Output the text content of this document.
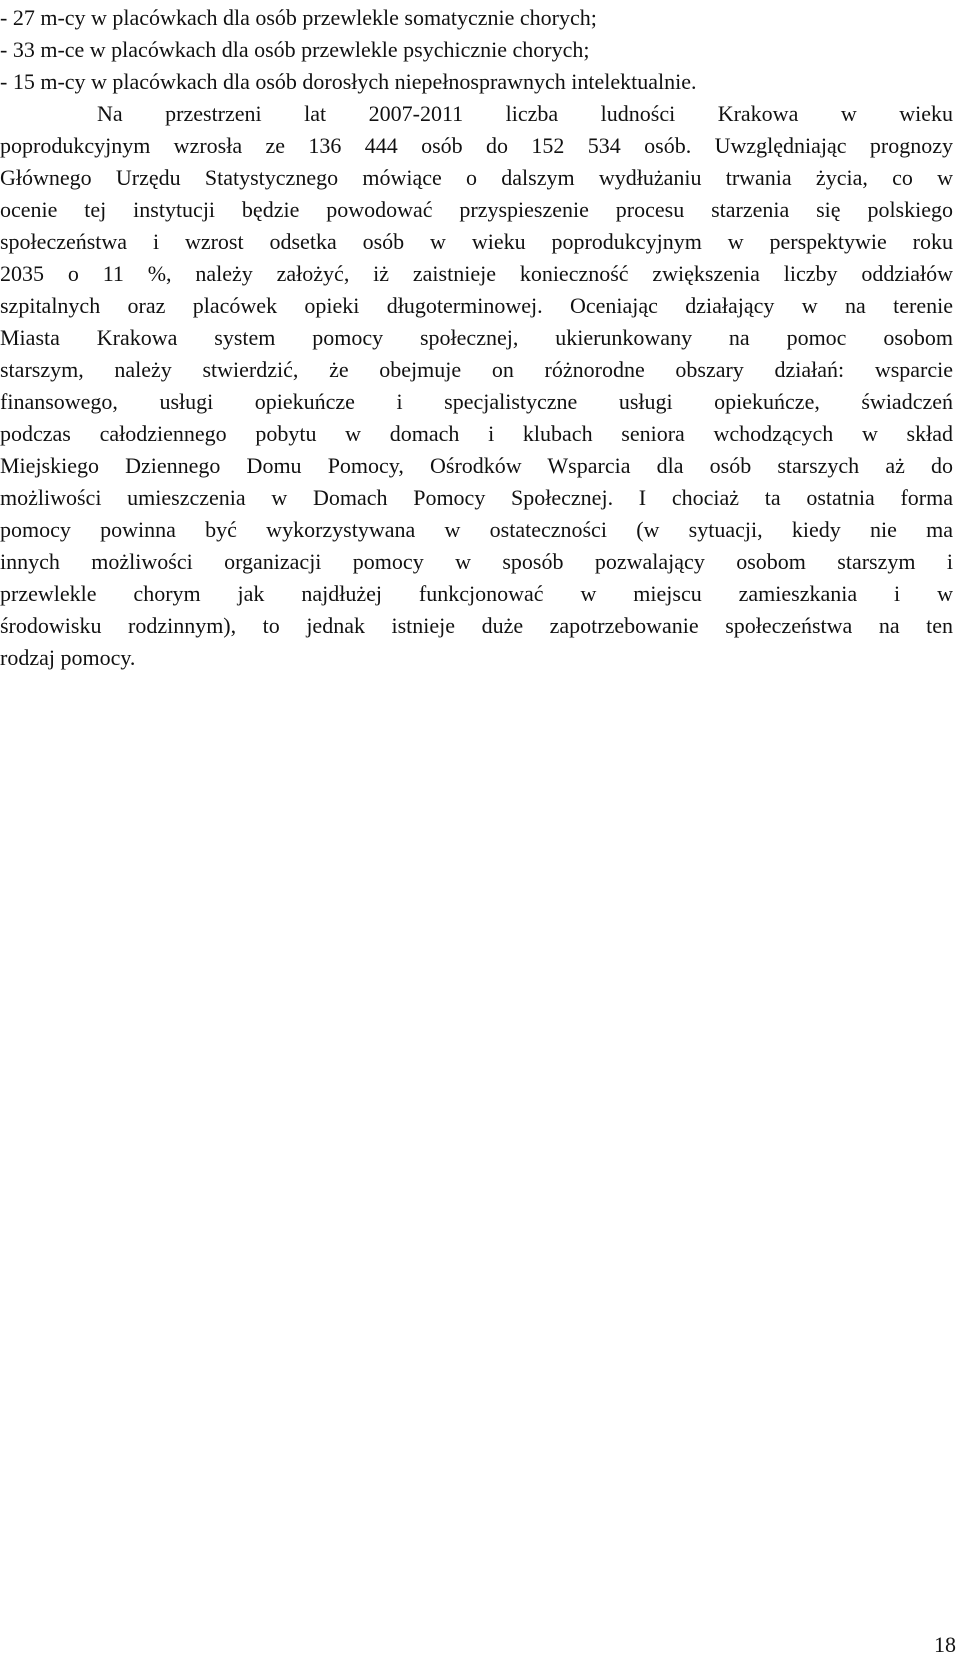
- 27 m-cy w placówkach dla osób przewlekle somatycznie chorych;
- 33 m-ce w placówkach dla osób przewlekle psychicznie chorych;
- 15 m-cy w placówkach dla osób dorosłych niepełnosprawnych intelektualnie.
Na przestrzeni lat 2007-2011 liczba ludności Krakowa w wieku
poprodukcyjnym wzrosła ze 136 444 osób do 152 534 osób. Uwzględniając prognozy
Głównego Urzędu Statystycznego mówiące o dalszym wydłużaniu trwania życia, co w
ocenie tej instytucji będzie powodować przyspieszenie procesu starzenia się polskiego
społeczeństwa i wzrost odsetka osób w wieku poprodukcyjnym w perspektywie roku
2035 o 11 %, należy założyć, iż zaistnieje konieczność zwiększenia liczby oddziałów
szpitalnych oraz placówek opieki długoterminowej. Oceniając działający w na terenie
Miasta Krakowa system pomocy społecznej, ukierunkowany na pomoc osobom
starszym, należy stwierdzić, że obejmuje on różnorodne obszary działań: wsparcie
finansowego, usługi opiekuńcze i specjalistyczne usługi opiekuńcze, świadczeń
podczas całodziennego pobytu w domach i klubach seniora wchodzących w skład
Miejskiego Dziennego Domu Pomocy, Ośrodków Wsparcia dla osób starszych aż do
możliwości umieszczenia w Domach Pomocy Społecznej. I chociaż ta ostatnia forma
pomocy powinna być wykorzystywana w ostateczności (w sytuacji, kiedy nie ma
innych możliwości organizacji pomocy w sposób pozwalający osobom starszym i
przewlekle chorym jak najdłużej funkcjonować w miejscu zamieszkania i w
środowisku rodzinnym), to jednak istnieje duże zapotrzebowanie społeczeństwa na ten
rodzaj pomocy.
18
